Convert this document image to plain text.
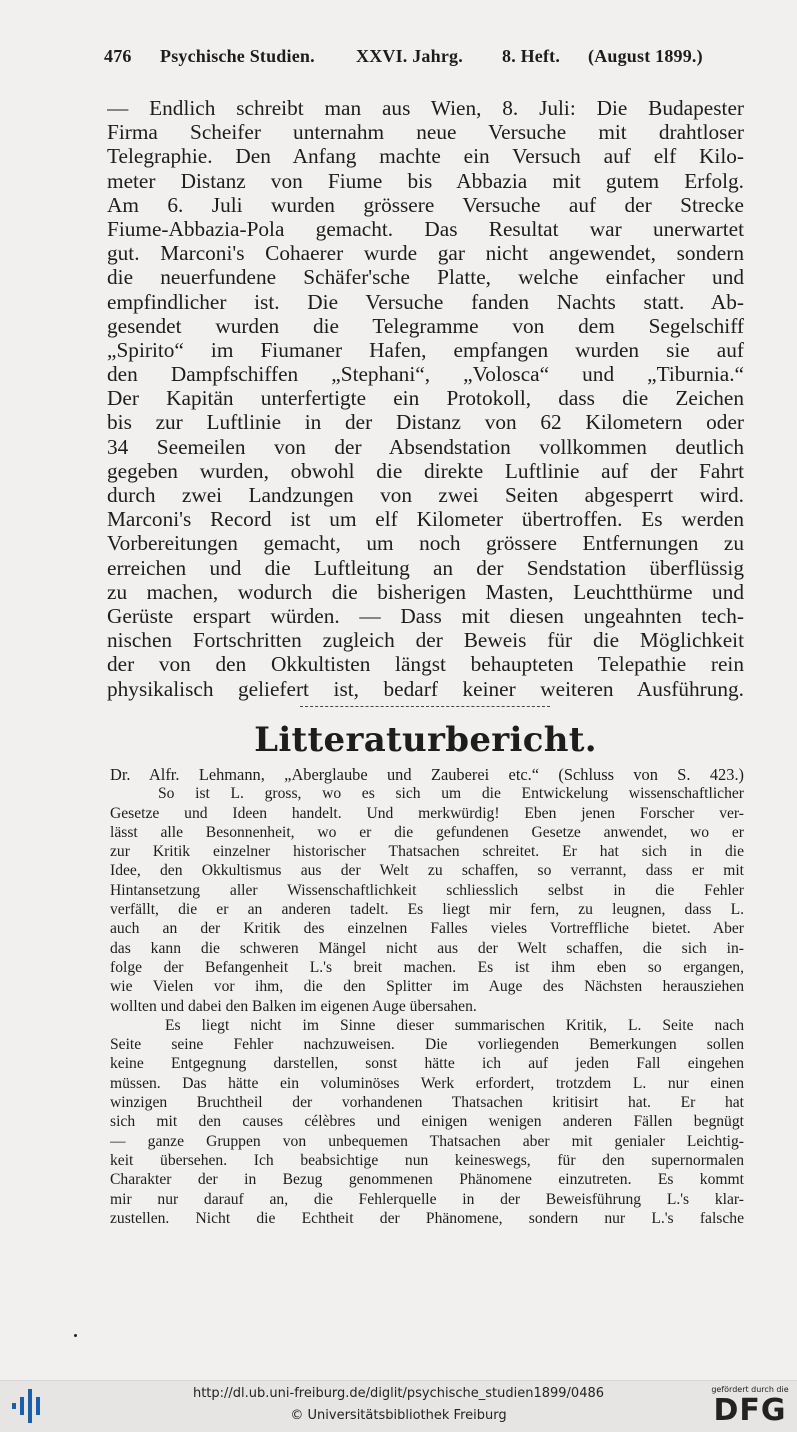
476 Psychische Studien. XXVI. Jahrg. 8. Heft. (August 1899.)
— Endlich schreibt man aus Wien, 8. Juli: Die Budapester
Firma Scheifer unternahm neue Versuche mit drahtloser
Telegraphie. Den Anfang machte ein Versuch auf elf Kilo-
meter Distanz von Fiume bis Abbazia mit gutem Erfolg.
Am 6. Juli wurden grössere Versuche auf der Strecke
Fiume-Abbazia-Pola gemacht. Das Resultat war unerwartet
gut. Marconi's Cohaerer wurde gar nicht angewendet, sondern
die neuerfundene Schäfer'sche Platte, welche einfacher und
empfindlicher ist. Die Versuche fanden Nachts statt. Ab-
gesendet wurden die Telegramme von dem Segelschiff
„Spirito“ im Fiumaner Hafen, empfangen wurden sie auf
den Dampfschiffen „Stephani“, „Volosca“ und „Tiburnia.“
Der Kapitän unterfertigte ein Protokoll, dass die Zeichen
bis zur Luftlinie in der Distanz von 62 Kilometern oder
34 Seemeilen von der Absendstation vollkommen deutlich
gegeben wurden, obwohl die direkte Luftlinie auf der Fahrt
durch zwei Landzungen von zwei Seiten abgesperrt wird.
Marconi's Record ist um elf Kilometer übertroffen. Es werden
Vorbereitungen gemacht, um noch grössere Entfernungen zu
erreichen und die Luftleitung an der Sendstation überflüssig
zu machen, wodurch die bisherigen Masten, Leuchtthürme und
Gerüste erspart würden. — Dass mit diesen ungeahnten tech-
nischen Fortschritten zugleich der Beweis für die Möglichkeit
der von den Okkultisten längst behaupteten Telepathie rein
physikalisch geliefert ist, bedarf keiner weiteren Ausführung.
Litteraturbericht.
Dr. Alfr. Lehmann, „Aberglaube und Zauberei etc.“ (Schluss von S. 423.)
So ist L. gross, wo es sich um die Entwickelung wissenschaftlicher
Gesetze und Ideen handelt. Und merkwürdig! Eben jenen Forscher ver-
lässt alle Besonnenheit, wo er die gefundenen Gesetze anwendet, wo er
zur Kritik einzelner historischer Thatsachen schreitet. Er hat sich in die
Idee, den Okkultismus aus der Welt zu schaffen, so verrannt, dass er mit
Hintansetzung aller Wissenschaftlichkeit schliesslich selbst in die Fehler
verfällt, die er an anderen tadelt. Es liegt mir fern, zu leugnen, dass L.
auch an der Kritik des einzelnen Falles vieles Vortreffliche bietet. Aber
das kann die schweren Mängel nicht aus der Welt schaffen, die sich in-
folge der Befangenheit L.'s breit machen. Es ist ihm eben so ergangen,
wie Vielen vor ihm, die den Splitter im Auge des Nächsten herausziehen
wollten und dabei den Balken im eigenen Auge übersahen.
Es liegt nicht im Sinne dieser summarischen Kritik, L. Seite nach
Seite seine Fehler nachzuweisen. Die vorliegenden Bemerkungen sollen
keine Entgegnung darstellen, sonst hätte ich auf jeden Fall eingehen
müssen. Das hätte ein voluminöses Werk erfordert, trotzdem L. nur einen
winzigen Bruchtheil der vorhandenen Thatsachen kritisirt hat. Er hat
sich mit den causes célèbres und einigen wenigen anderen Fällen begnügt
— ganze Gruppen von unbequemen Thatsachen aber mit genialer Leichtig-
keit übersehen. Ich beabsichtige nun keineswegs, für den supernormalen
Charakter der in Bezug genommenen Phänomene einzutreten. Es kommt
mir nur darauf an, die Fehlerquelle in der Beweisführung L.'s klar-
zustellen. Nicht die Echtheit der Phänomene, sondern nur L.'s falsche
http://dl.ub.uni-freiburg.de/diglit/psychische_studien1899/0486
© Universitätsbibliothek Freiburg
gefördert durch die
DFG
